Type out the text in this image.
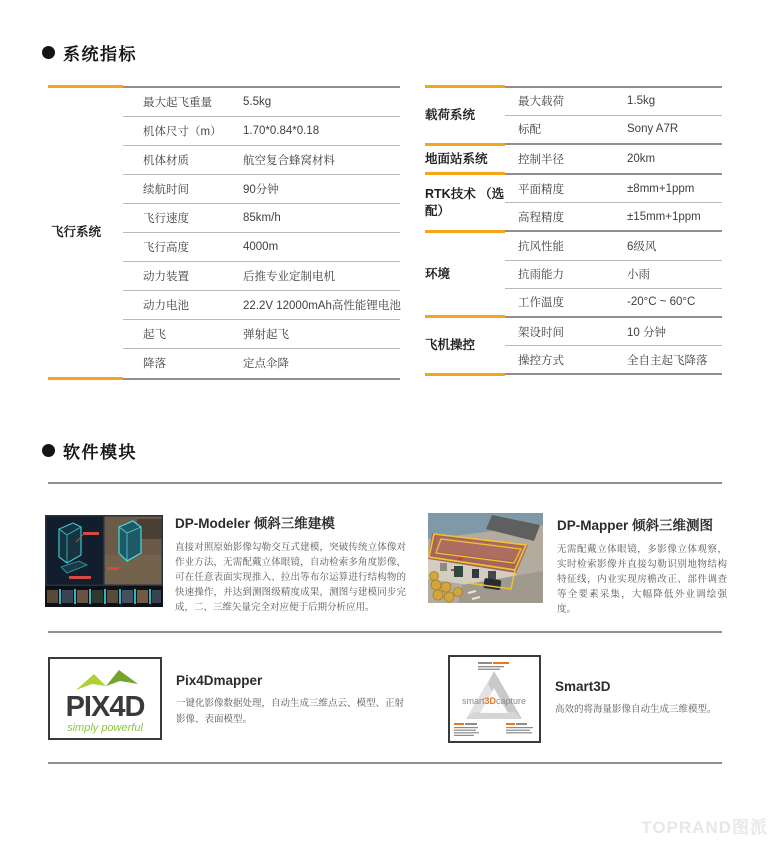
系统指标
飞行系统
最大起飞重量	5.5kg
机体尺寸（m）	1.70*0.84*0.18
机体材质	航空复合蜂窝材料
续航时间	90分钟
飞行速度	85km/h
飞行高度	4000m
动力装置	后推专业定制电机
动力电池	22.2V 12000mAh高性能锂电池
起飞	弹射起飞
降落	定点伞降
载荷系统
最大载荷	1.5kg
标配	Sony A7R
地面站系统	控制半径	20km
RTK技术 （选配）
平面精度	±8mm+1ppm
高程精度	±15mm+1ppm
环境
抗风性能	6级风
抗雨能力	小雨
工作温度	-20°C ~ 60°C
飞机操控
架设时间	10 分钟
操控方式	全自主起飞降落
软件模块
DP-Modeler 倾斜三维建模
直接对照原始影像勾勒交互式建模，突破传统立体像对作业方法，无需配戴立体眼镜，自动检索多角度影像，可在任意表面实现推入、拉出等布尔运算进行结构物的快速操作，并达到测图级精度成果，测图与建模同步完成，二、三维矢量完全对应便于后期分析应用。
DP-Mapper 倾斜三维测图
无需配戴立体眼镜，多影像立体观察，实时检索影像并直接勾勒识别地物结构特征线，内业实现房檐改正、部件调查等全要素采集，大幅降低外业调绘强度。
PIX4D
simply powerful
Pix4Dmapper
一键化影像数据处理，自动生成三维点云、模型、正射影像、表面模型。
smart3Dcapture
Smart3D
高效的将海量影像自动生成三维模型。
TOPRAND图派
